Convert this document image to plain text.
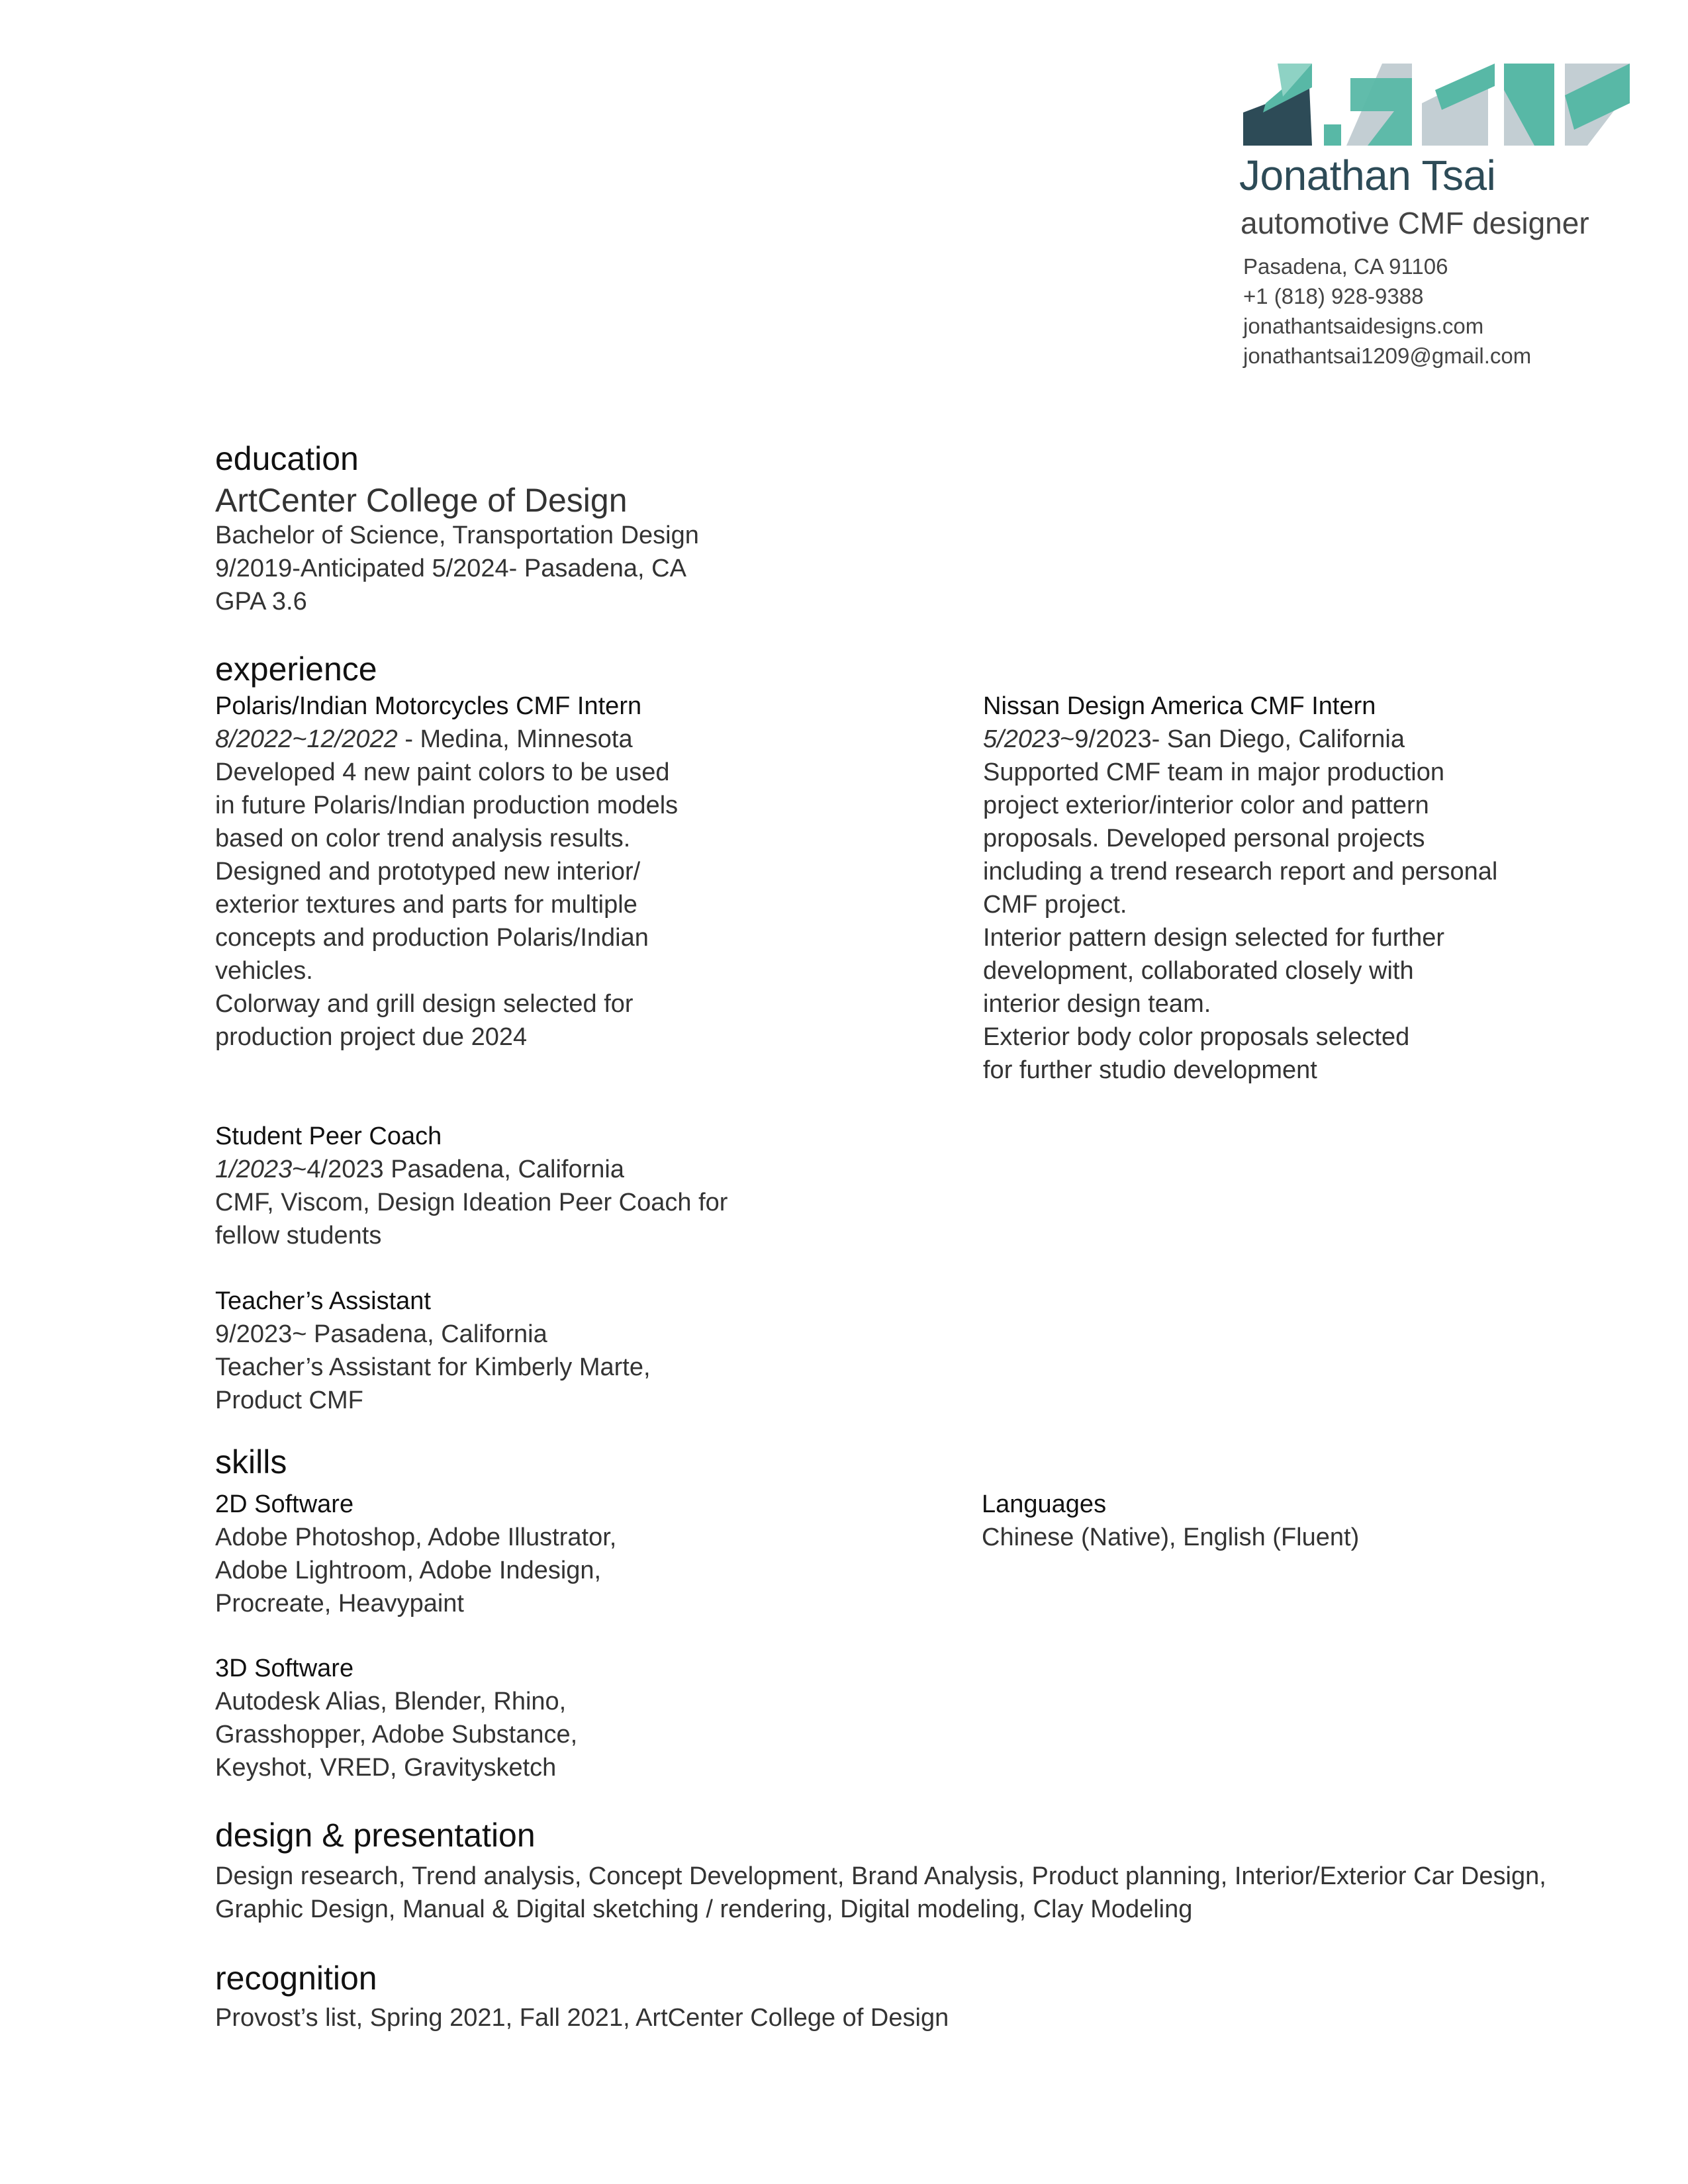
Jonathan Tsai
automotive CMF designer
Pasadena, CA 91106
+1 (818) 928-9388
jonathantsaidesigns.com
jonathantsai1209@gmail.com
education
ArtCenter College of Design
Bachelor of Science, Transportation Design
9/2019-Anticipated 5/2024- Pasadena, CA
GPA 3.6
experience
Polaris/Indian Motorcycles CMF Intern
8/2022~12/2022 - Medina, Minnesota
Developed 4 new paint colors to be used
in future Polaris/Indian production models
based on color trend analysis results.
Designed and prototyped new interior/
exterior textures and parts for multiple
concepts and production Polaris/Indian
vehicles.
Colorway and grill design selected for
production project due 2024
Nissan Design America CMF Intern
5/2023~9/2023- San Diego, California
Supported CMF team in major production
project exterior/interior color and pattern
proposals. Developed personal projects
including a trend research report and personal
CMF project.
Interior pattern design selected for further
development, collaborated closely with
interior design team.
Exterior body color proposals selected
for further studio development
Student Peer Coach
1/2023~4/2023 Pasadena, California
CMF, Viscom, Design Ideation Peer Coach for
fellow students
Teacher’s Assistant
9/2023~ Pasadena, California
Teacher’s Assistant for Kimberly Marte,
Product CMF
skills
2D Software
Adobe Photoshop, Adobe Illustrator,
Adobe Lightroom, Adobe Indesign,
Procreate, Heavypaint
Languages
Chinese (Native), English (Fluent)
3D Software
Autodesk Alias, Blender, Rhino,
Grasshopper, Adobe Substance,
Keyshot, VRED, Gravitysketch
design & presentation
Design research, Trend analysis, Concept Development, Brand Analysis, Product planning, Interior/Exterior Car Design,
Graphic Design, Manual & Digital sketching / rendering, Digital modeling, Clay Modeling
recognition
Provost’s list, Spring 2021, Fall 2021, ArtCenter College of Design
